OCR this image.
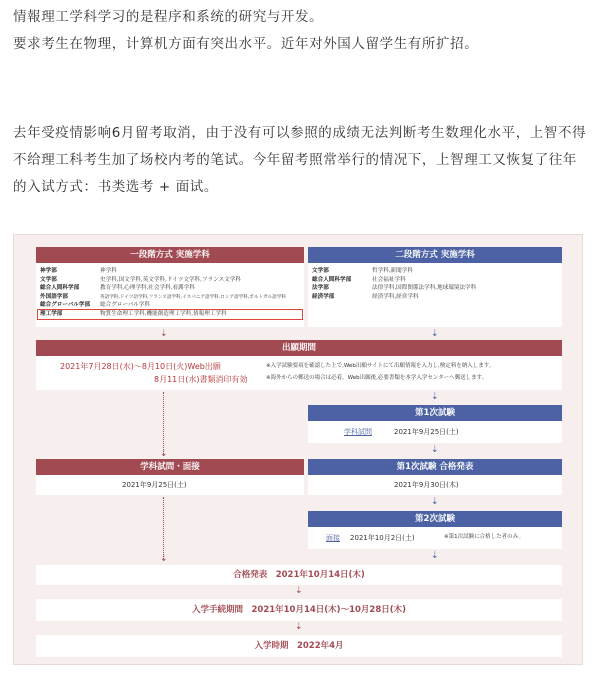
情報理工学科学习的是程序和系统的研究与开发。
要求考生在物理，计算机方面有突出水平。近年对外国人留学生有所扩招。
去年受疫情影响6月留考取消，由于没有可以参照的成绩无法判断考生数理化水平，上智不得不给理工科考生加了场校内考的笔试。今年留考照常举行的情况下，上智理工又恢复了往年的入试方式：书类选考 + 面试。
一段階方式 実施学科
神学部	神学科
文学部	史学科,国文学科,英文学科,ドイツ文学科,フランス文学科
総合人間科学部	教育学科,心理学科,社会学科,看護学科
外国語学部	英語学科,ドイツ語学科,フランス語学科,イスパニア語学科,ロシア語学科,ポルトガル語学科
総合グローバル学部 総合グローバル学科
理工学部	物質生命理工学科,機能創造理工学科,情報理工学科
二段階方式 実施学科
文学部	哲学科,新聞学科
総合人間科学部	社会福祉学科
法学部	法律学科,国際関係法学科,地球環境法学科
経済学部	経済学科,経営学科
⇣	⇣
出願期間
2021年7月28日(水)～8月10日(火)Web出願
8月11日(水)書類消印有効
※入学試験要項を確認した上で,Web出願サイトにて出願情報を入力し,検定料を納入します。
※海外からの郵送の場合は必着。Web出願後,必要書類を本学入学センターへ郵送します。
⇣
第1次試験
学科試問	2021年9月25日(土)
⇣	⇣
学科試問・面接
2021年9月25日(土)
第1次試験 合格発表
2021年9月30日(木)
⇣
第2次試験
面接 2021年10月2日(土)	※第1次試験に合格した者のみ。
⇣	⇣
合格発表　2021年10月14日(木)
⇣
入学手続期間　2021年10月14日(木)～10月28日(木)
⇣
入学時期　2022年4月
